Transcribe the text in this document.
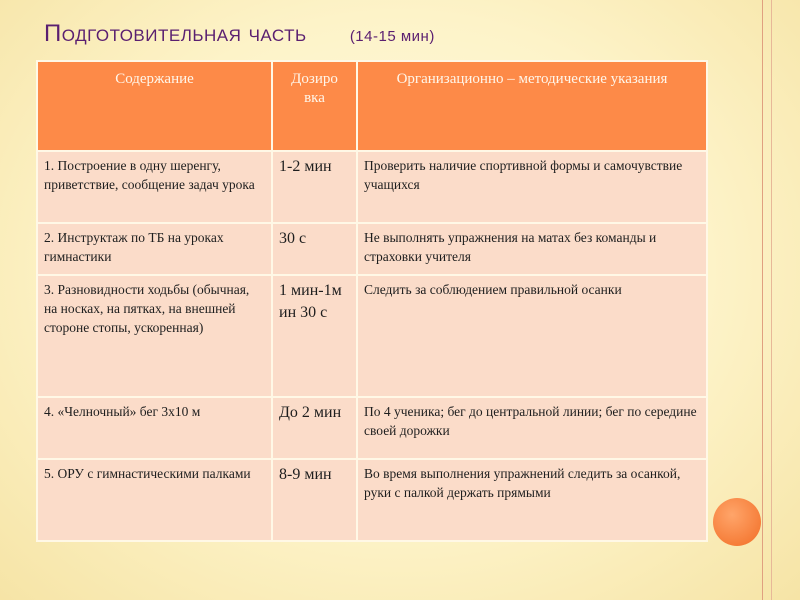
Подготовительная часть	(14-15 мин)
Содержание	Дозиро вка	Организационно – методические указания
1. Построение в одну шеренгу, приветствие, сообщение задач урока	1-2 мин	Проверить наличие спортивной формы и самочувствие учащихся
2. Инструктаж по ТБ на уроках гимнастики	30 с	Не выполнять упражнения на матах без команды и страховки учителя
3. Разновидности ходьбы (обычная, на носках, на пятках, на внешней стороне стопы, ускоренная)	1 мин-1м ин 30 с	Следить за соблюдением правильной осанки
4. «Челночный» бег 3х10 м	До 2 мин	По 4 ученика; бег до центральной линии; бег по середине своей дорожки
5. ОРУ с гимнастическими палками	8-9 мин	Во время выполнения упражнений следить за осанкой, руки с палкой держать прямыми
